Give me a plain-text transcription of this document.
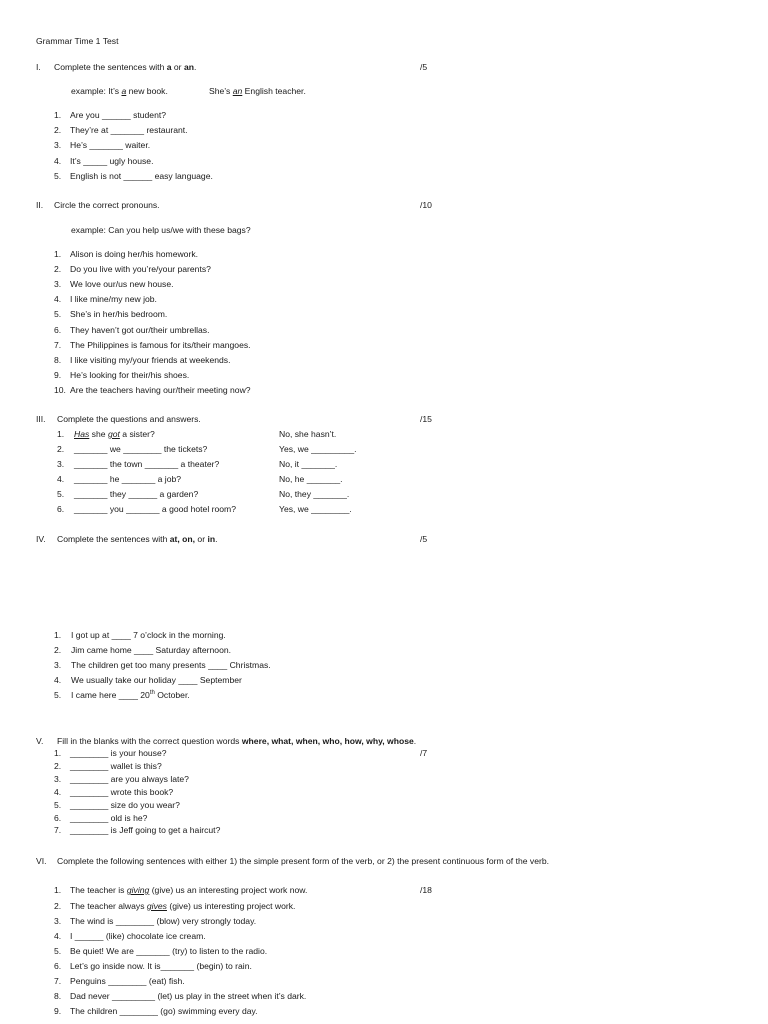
Grammar Time 1 Test
I. Complete the sentences with a or an.	/5
example: It’s a new book.	She’s an English teacher.
1. Are you ______ student?
2. They’re at _______ restaurant.
3. He’s _______ waiter.
4. It’s _____ ugly house.
5. English is not ______ easy language.
II. Circle the correct pronouns.	/10
example: Can you help us/we with these bags?
1. Alison is doing her/his homework.
2. Do you live with you’re/your parents?
3. We love our/us new house.
4. I like mine/my new job.
5. She’s in her/his bedroom.
6. They haven’t got our/their umbrellas.
7. The Philippines is famous for its/their mangoes.
8. I like visiting my/your friends at weekends.
9. He’s looking for their/his shoes.
10. Are the teachers having our/their meeting now?
III. Complete the questions and answers.	/15
1. Has she got a sister?	No, she hasn’t.
2. _______ we ________ the tickets?	Yes, we _________.
3. _______ the town _______ a theater?	No, it _______.
4. _______ he _______ a job?	No, he _______.
5. _______ they ______ a garden?	No, they _______.
6. _______ you _______ a good hotel room?	Yes, we ________.
IV. Complete the sentences with at, on, or in.	/5
1. I got up at ____ 7 o’clock in the morning.
2. Jim came home ____ Saturday afternoon.
3. The children get too many presents ____ Christmas.
4. We usually take our holiday ____ September
5. I came here ____ 20th October.
V. Fill in the blanks with the correct question words where, what, when, who, how, why, whose.
/7
1. ________ is your house?
2. ________ wallet is this?
3. ________ are you always late?
4. ________ wrote this book?
5. ________ size do you wear?
6. ________ old is he?
7. ________ is Jeff going to get a haircut?
VI. Complete the following sentences with either 1) the simple present form of the verb, or 2) the present continuous form of the verb.
/18
1. The teacher is giving (give) us an interesting project work now.
2. The teacher always gives (give) us interesting project work.
3. The wind is ________ (blow) very strongly today.
4. I ______ (like) chocolate ice cream.
5. Be quiet! We are _______ (try) to listen to the radio.
6. Let’s go inside now. It is_______ (begin) to rain.
7. Penguins ________ (eat) fish.
8. Dad never _________ (let) us play in the street when it’s dark.
9. The children ________ (go) swimming every day.
